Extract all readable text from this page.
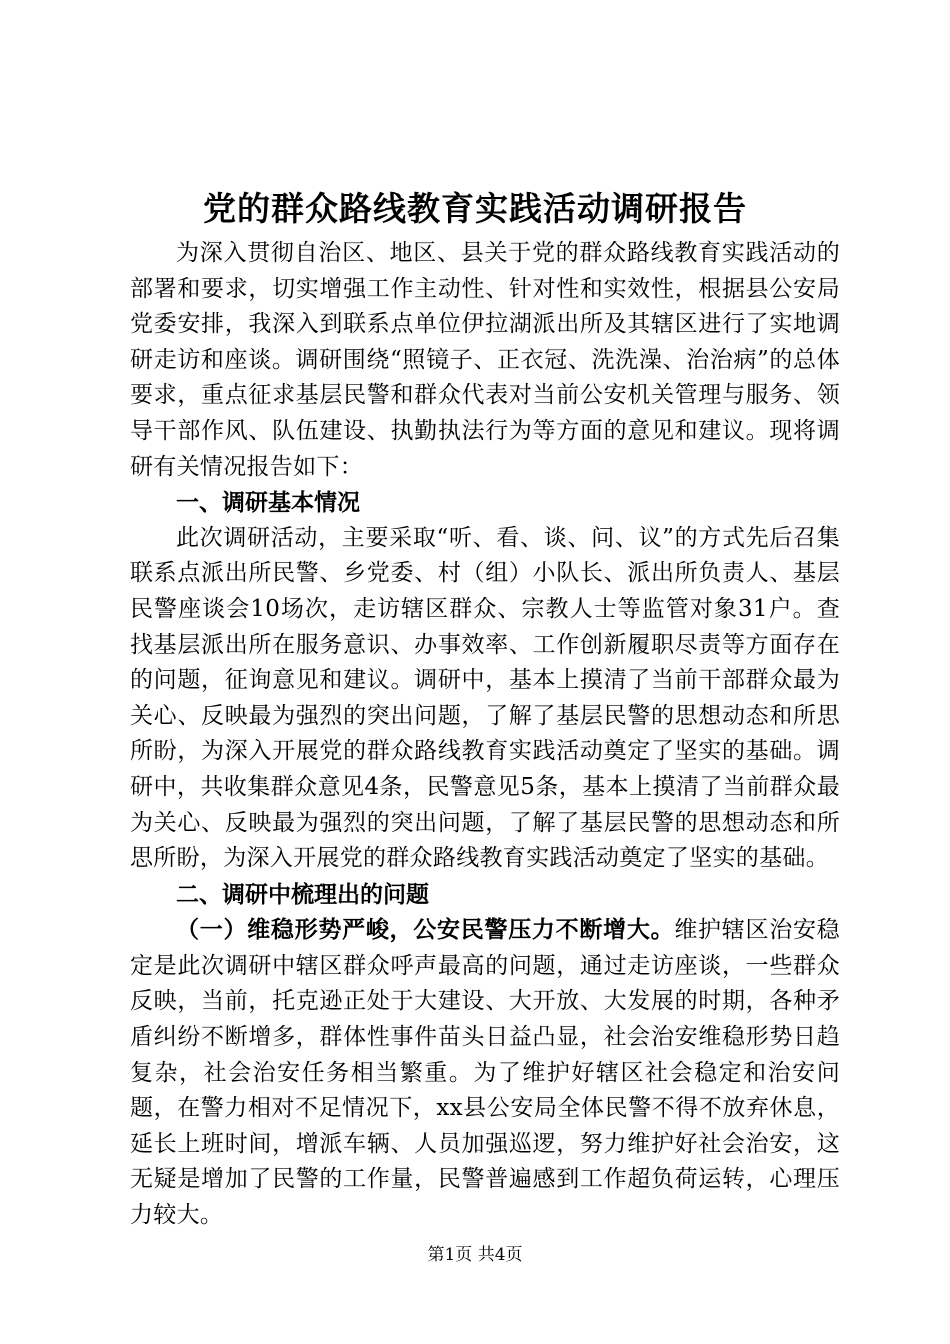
党的群众路线教育实践活动调研报告

为深入贯彻自治区、地区、县关于党的群众路线教育实践活动的部署和要求，切实增强工作主动性、针对性和实效性，根据县公安局党委安排，我深入到联系点单位伊拉湖派出所及其辖区进行了实地调研走访和座谈。调研围绕“照镜子、正衣冠、洗洗澡、治治病”的总体要求，重点征求基层民警和群众代表对当前公安机关管理与服务、领导干部作风、队伍建设、执勤执法行为等方面的意见和建议。现将调研有关情况报告如下：

一、调研基本情况

此次调研活动，主要采取“听、看、谈、问、议”的方式先后召集联系点派出所民警、乡党委、村（组）小队长、派出所负责人、基层民警座谈会10场次，走访辖区群众、宗教人士等监管对象31户。查找基层派出所在服务意识、办事效率、工作创新履职尽责等方面存在的问题，征询意见和建议。调研中，基本上摸清了当前干部群众最为关心、反映最为强烈的突出问题，了解了基层民警的思想动态和所思所盼，为深入开展党的群众路线教育实践活动奠定了坚实的基础。调研中，共收集群众意见4条，民警意见5条，基本上摸清了当前群众最为关心、反映最为强烈的突出问题，了解了基层民警的思想动态和所思所盼，为深入开展党的群众路线教育实践活动奠定了坚实的基础。

二、调研中梳理出的问题

（一）维稳形势严峻，公安民警压力不断增大。维护辖区治安稳定是此次调研中辖区群众呼声最高的问题，通过走访座谈，一些群众反映，当前，托克逊正处于大建设、大开放、大发展的时期，各种矛盾纠纷不断增多，群体性事件苗头日益凸显，社会治安维稳形势日趋复杂，社会治安任务相当繁重。为了维护好辖区社会稳定和治安问题，在警力相对不足情况下，xx县公安局全体民警不得不放弃休息，延长上班时间，增派车辆、人员加强巡逻，努力维护好社会治安，这无疑是增加了民警的工作量，民警普遍感到工作超负荷运转，心理压力较大。

第1页 共4页
